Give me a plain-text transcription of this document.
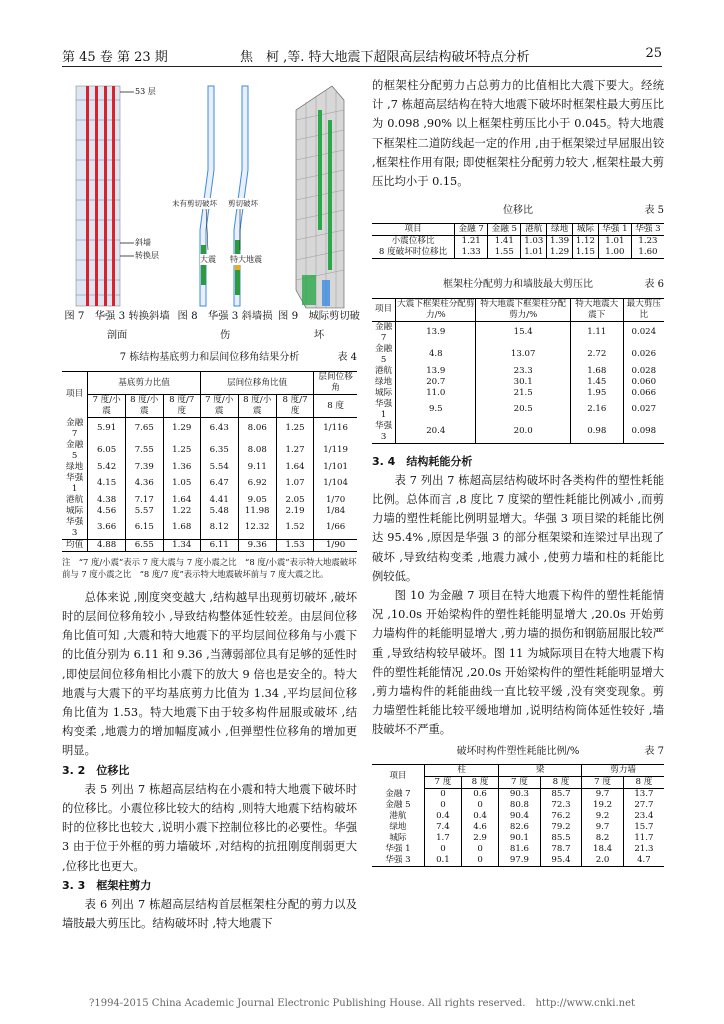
第 45 卷 第 23 期	焦　柯 ,等. 特大地震下超限高层结构破坏特点分析	25
53 层
斜墙
转换层
未有剪切破坏 剪切破坏
大震 特大地震
图 7　华强 3 转换斜墙剖面
图 8　华强 3 斜墙损伤
图 9　城际剪切破坏
7 栋结构基底剪力和层间位移角结果分析	表 4
项目	基底剪力比值			层间位移角比值			层间位移角
	7 度/小震	8 度/小震	8 度/7 度	7 度/小震	8 度/小震	8 度/7 度	8 度
金融 7	5.91	7.65	1.29	6.43	8.06	1.25	1/116
金融 5	6.05	7.55	1.25	6.35	8.08	1.27	1/119
绿地	5.42	7.39	1.36	5.54	9.11	1.64	1/101
华强 1	4.15	4.36	1.05	6.47	6.92	1.07	1/104
港航	4.38	7.17	1.64	4.41	9.05	2.05	1/70
城际	4.56	5.57	1.22	5.48	11.98	2.19	1/84
华强 3	3.66	6.15	1.68	8.12	12.32	1.52	1/66
均值	4.88	6.55	1.34	6.11	9.36	1.53	1/90
注　“7 度/小震”表示 7 度大震与 7 度小震之比　“8 度/小震”表示特大地震破坏前与 7 度小震之比　“8 度/7 度”表示特大地震破坏前与 7 度大震之比。

总体来说 ,刚度突变越大 ,结构越早出现剪切破坏 ,破坏时的层间位移角较小 ,导致结构整体延性较差。由层间位移角比值可知 ,大震和特大地震下的平均层间位移角与小震下的比值分别为 6.11 和 9.36 ,当薄弱部位具有足够的延性时 ,即使层间位移角相比小震下的放大 9 倍也是安全的。特大地震与大震下的平均基底剪力比值为 1.34 ,平均层间位移角比值为 1.53。特大地震下由于较多构件屈服或破坏 ,结构变柔 ,地震力的增加幅度减小 ,但弹塑性位移角的增加更明显。

3. 2　位移比

表 5 列出 7 栋超高层结构在小震和特大地震下破坏时的位移比。小震位移比较大的结构 ,则特大地震下结构破坏时的位移比也较大 ,说明小震下控制位移比的必要性。华强 3 由于位于外框的剪力墙破坏 ,对结构的抗扭刚度削弱更大 ,位移比也更大。

3. 3　框架柱剪力

表 6 列出 7 栋超高层结构首层框架柱分配的剪力以及墙肢最大剪压比。结构破坏时 ,特大地震下

的框架柱分配剪力占总剪力的比值相比大震下要大。经统计 ,7 栋超高层结构在特大地震下破坏时框架柱最大剪压比为 0.098 ,90% 以上框架柱剪压比小于 0.045。特大地震下框架柱二道防线起一定的作用 ,由于框架梁过早屈服出铰 ,框架柱作用有限; 即使框架柱分配剪力较大 ,框架柱最大剪压比均小于 0.15。

位移比	表 5
项目	金融 7	金融 5	港航	绿地	城际	华强 1	华强 3
小震位移比	1.21	1.41	1.03	1.39	1.12	1.01	1.23
8 度破坏时位移比	1.33	1.55	1.01	1.29	1.15	1.00	1.60
框架柱分配剪力和墙肢最大剪压比	表 6
项目	大震下框架柱分配剪力/%	特大地震下框架柱分配剪力/%	特大地震大震下	最大剪压比
金融 7	13.9	15.4	1.11	0.024
金融 5	4.8	13.07	2.72	0.026
港航	13.9	23.3	1.68	0.028
绿地	20.7	30.1	1.45	0.060
城际	11.0	21.5	1.95	0.066
华强 1	9.5	20.5	2.16	0.027
华强 3	20.4	20.0	0.98	0.098

3. 4　结构耗能分析

表 7 列出 7 栋超高层结构破坏时各类构件的塑性耗能比例。总体而言 ,8 度比 7 度梁的塑性耗能比例减小 ,而剪力墙的塑性耗能比例明显增大。华强 3 项目梁的耗能比例达 95.4% ,原因是华强 3 的部分框架梁和连梁过早出现了破坏 ,导致结构变柔 ,地震力减小 ,使剪力墙和柱的耗能比例较低。

图 10 为金融 7 项目在特大地震下构件的塑性耗能情况 ,10.0s 开始梁构件的塑性耗能明显增大 ,20.0s 开始剪力墙构件的耗能明显增大 ,剪力墙的损伤和钢筋屈服比较严重 ,导致结构较早破坏。图 11 为城际项目在特大地震下构件的塑性耗能情况 ,20.0s 开始梁构件的塑性耗能明显增大 ,剪力墙构件的耗能曲线一直比较平缓 ,没有突变现象。剪力墙塑性耗能比较平缓地增加 ,说明结构筒体延性较好 ,墙肢破坏不严重。

破坏时构件塑性耗能比例/%	表 7
项目	柱		梁		剪力墙	
	7 度	8 度	7 度	8 度	7 度	8 度
金融 7	0	0.6	90.3	85.7	9.7	13.7
金融 5	0	0	80.8	72.3	19.2	27.7
港航	0.4	0.4	90.4	76.2	9.2	23.4
绿地	7.4	4.6	82.6	79.2	9.7	15.7
城际	1.7	2.9	90.1	85.5	8.2	11.7
华强 1	0	0	81.6	78.7	18.4	21.3
华强 3	0.1	0	97.9	95.4	2.0	4.7
?1994-2015 China Academic Journal Electronic Publishing House. All rights reserved.　http://www.cnki.net
